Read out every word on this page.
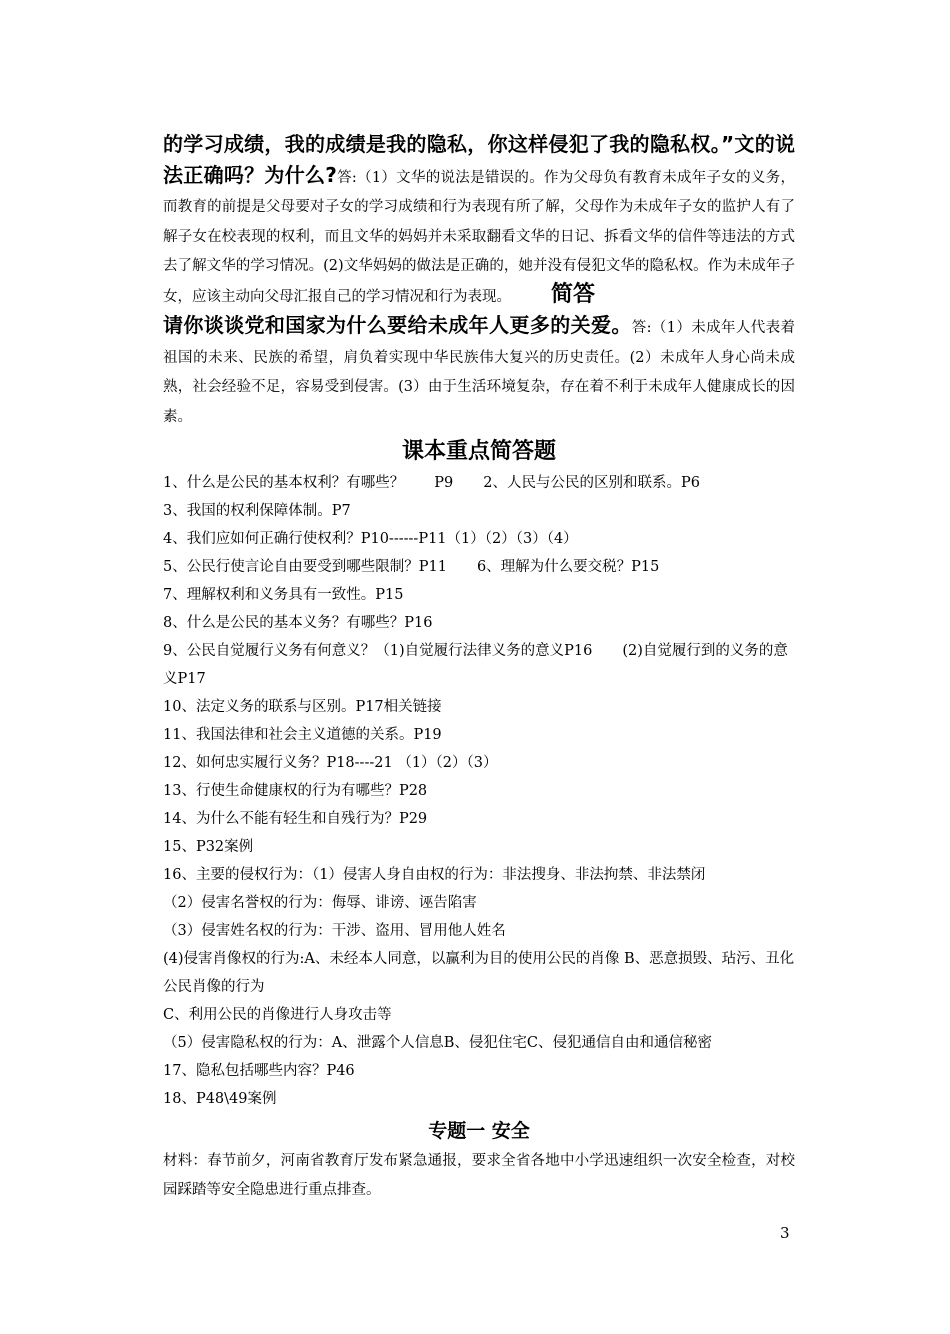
的学习成绩，我的成绩是我的隐私，你这样侵犯了我的隐私权。”文的说法正确吗？为什么?答:（1）文华的说法是错误的。作为父母负有教育未成年子女的义务，而教育的前提是父母要对子女的学习成绩和行为表现有所了解，父母作为未成年子女的监护人有了解子女在校表现的权利，而且文华的妈妈并未采取翻看文华的日记、拆看文华的信件等违法的方式去了解文华的学习情况。(2)文华妈妈的做法是正确的，她并没有侵犯文华的隐私权。作为未成年子女，应该主动向父母汇报自己的学习情况和行为表现。 简答

请你谈谈党和国家为什么要给未成年人更多的关爱。答:（1）未成年人代表着祖国的未来、民族的希望，肩负着实现中华民族伟大复兴的历史责任。(2）未成年人身心尚未成熟，社会经验不足，容易受到侵害。(3）由于生活环境复杂，存在着不利于未成年人健康成长的因素。

课本重点简答题
1、什么是公民的基本权利？有哪些？ P9 2、人民与公民的区别和联系。P6
3、我国的权利保障体制。P7
4、我们应如何正确行使权利？P10------P11（1）（2）（3）（4）
5、公民行使言论自由要受到哪些限制？P11 6、理解为什么要交税？P15
7、理解权利和义务具有一致性。P15
8、什么是公民的基本义务？有哪些？P16
9、公民自觉履行义务有何意义？（1)自觉履行法律义务的意义P16 (2)自觉履行到的义务的意义P17
10、法定义务的联系与区别。P17相关链接
11、我国法律和社会主义道德的关系。P19
12、如何忠实履行义务？P18----21 （1）（2）（3）
13、行使生命健康权的行为有哪些？P28
14、为什么不能有轻生和自残行为？P29
15、P32案例
16、主要的侵权行为：（1）侵害人身自由权的行为：非法搜身、非法拘禁、非法禁闭
（2）侵害名誉权的行为：侮辱、诽谤、诬告陷害
（3）侵害姓名权的行为：干涉、盗用、冒用他人姓名
(4)侵害肖像权的行为:A、未经本人同意，以赢利为目的使用公民的肖像 B、恶意损毁、玷污、丑化公民肖像的行为
C、利用公民的肖像进行人身攻击等
（5）侵害隐私权的行为：A、泄露个人信息B、侵犯住宅C、侵犯通信自由和通信秘密
17、隐私包括哪些内容？P46
18、P48\49案例
专题一 安全

材料：春节前夕，河南省教育厅发布紧急通报，要求全省各地中小学迅速组织一次安全检查，对校园踩踏等安全隐患进行重点排查。

3
